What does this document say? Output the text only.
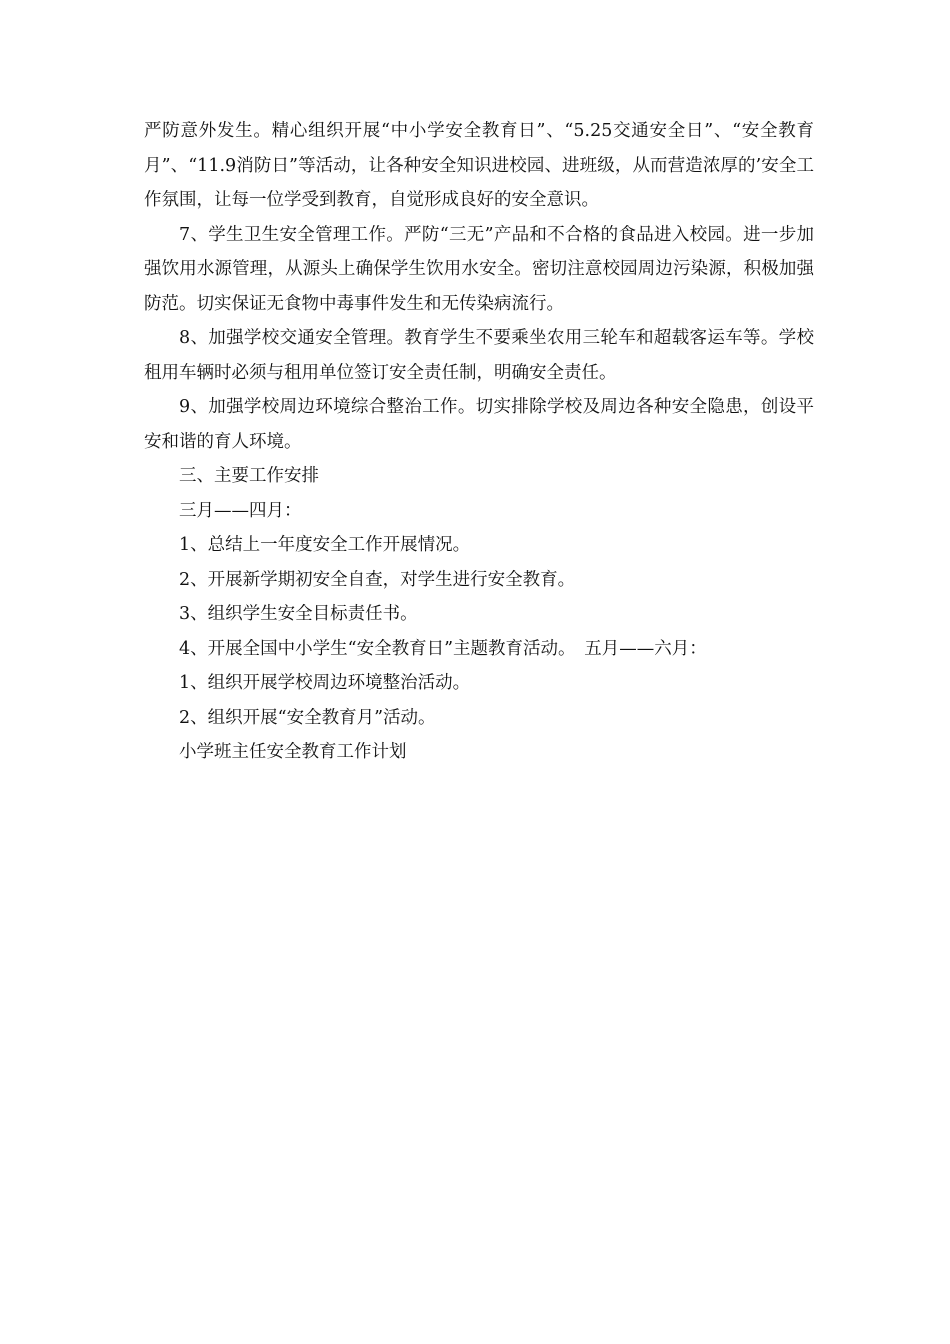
严防意外发生。精心组织开展“中小学安全教育日”、“5.25交通安全日”、“安全教育月”、“11.9消防日”等活动，让各种安全知识进校园、进班级，从而营造浓厚的’安全工作氛围，让每一位学受到教育，自觉形成良好的安全意识。

7、学生卫生安全管理工作。严防“三无”产品和不合格的食品进入校园。进一步加强饮用水源管理，从源头上确保学生饮用水安全。密切注意校园周边污染源，积极加强防范。切实保证无食物中毒事件发生和无传染病流行。

8、加强学校交通安全管理。教育学生不要乘坐农用三轮车和超载客运车等。学校租用车辆时必须与租用单位签订安全责任制，明确安全责任。

9、加强学校周边环境综合整治工作。切实排除学校及周边各种安全隐患，创设平安和谐的育人环境。

三、主要工作安排

三月——四月：

1、总结上一年度安全工作开展情况。

2、开展新学期初安全自查，对学生进行安全教育。

3、组织学生安全目标责任书。

4、开展全国中小学生“安全教育日”主题教育活动。　五月——六月：

1、组织开展学校周边环境整治活动。

2、组织开展“安全教育月”活动。

小学班主任安全教育工作计划
